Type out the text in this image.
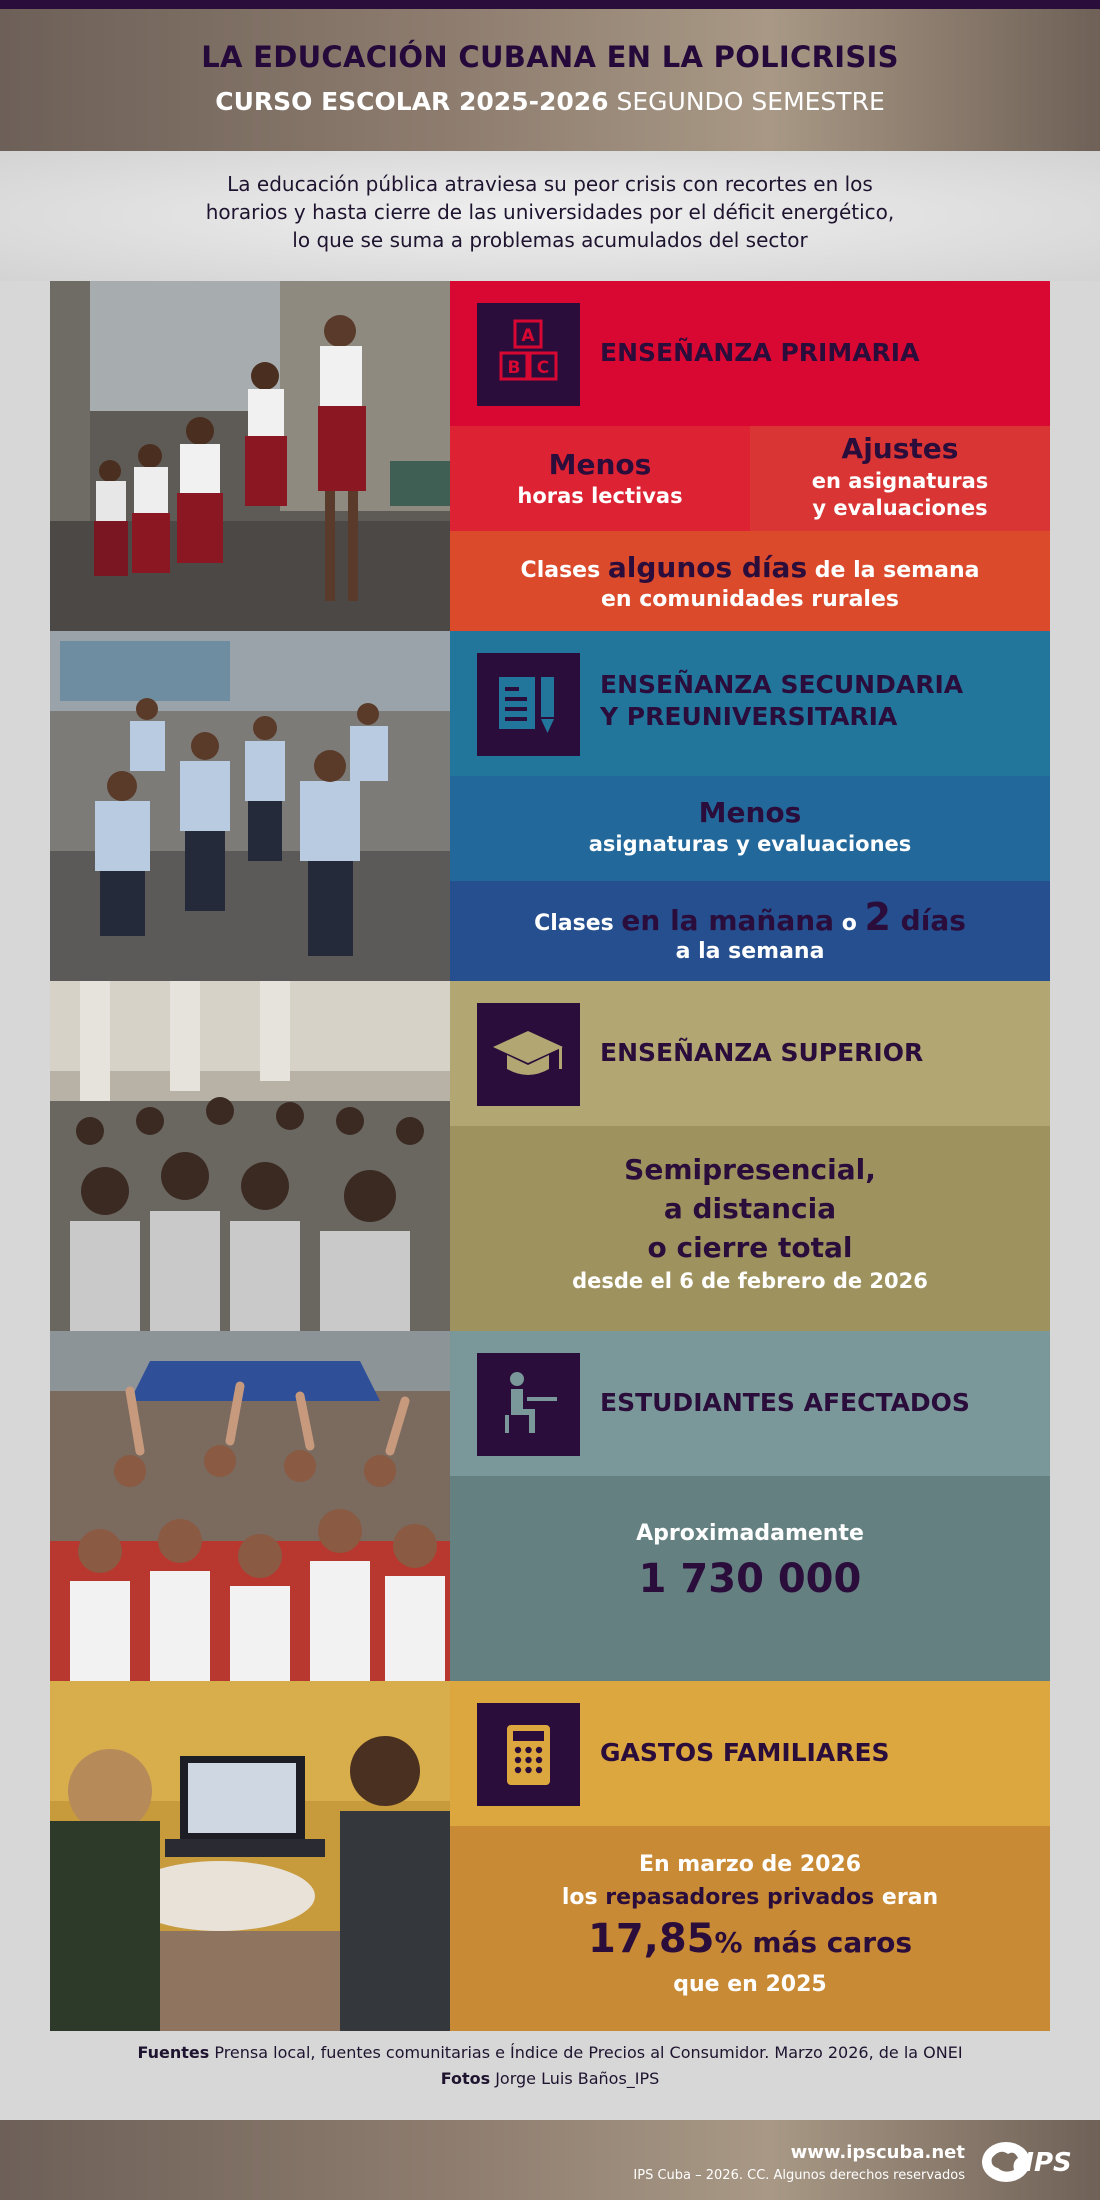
LA EDUCACIÓN CUBANA EN LA POLICRISIS
CURSO ESCOLAR 2025-2026 SEGUNDO SEMESTRE

La educación pública atraviesa su peor crisis con recortes en los

horarios y hasta cierre de las universidades por el déficit energético,

lo que se suma a problemas acumulados del sector

A
B C
ENSEÑANZA PRIMARIA
Menos
horas lectivas
Ajustes
en asignaturas
y evaluaciones
Clases algunos días de la semana
en comunidades rurales
ENSEÑANZA SECUNDARIA
Y PREUNIVERSITARIA
Menos
asignaturas y evaluaciones
Clases en la mañana o 2 días
a la semana
ENSEÑANZA SUPERIOR
Semipresencial,
a distancia
o cierre total
desde el 6 de febrero de 2026
ESTUDIANTES AFECTADOS
Aproximadamente
1 730 000
GASTOS FAMILIARES
En marzo de 2026
los repasadores privados eran
17,85% más caros
que en 2025
Fuentes Prensa local, fuentes comunitarias e Índice de Precios al Consumidor. Marzo 2026, de la ONEI
Fotos Jorge Luis Baños_IPS
www.ipscuba.net
IPS Cuba – 2026. CC. Algunos derechos reservados IPS
